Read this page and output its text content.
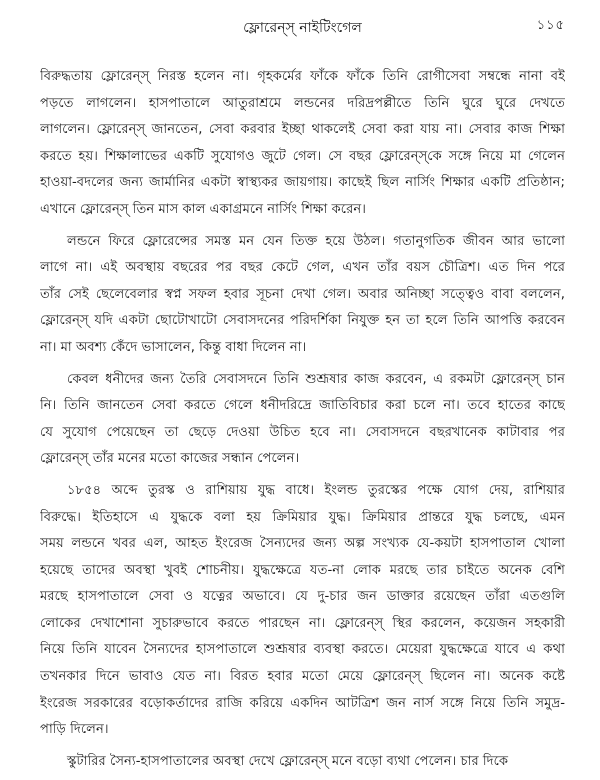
ফ্লোরেন্স্ নাইটিংগেল	১১৫

বিরুদ্ধতায় ফ্লোরেন্স্ নিরস্ত হলেন না। গৃহকর্মের ফাঁকে ফাঁকে তিনি রোগীসেবা সম্বন্ধে নানা বই
পড়তে লাগলেন। হাসপাতালে আতুরাশ্রমে লন্ডনের দরিদ্রপল্লীতে তিনি ঘুরে ঘুরে দেখতে
লাগলেন। ফ্লোরেন্স্ জানতেন, সেবা করবার ইচ্ছা থাকলেই সেবা করা যায় না। সেবার কাজ শিক্ষা
করতে হয়। শিক্ষালাভের একটি সুযোগও জুটে গেল। সে বছর ফ্লোরেন্স্‌কে সঙ্গে নিয়ে মা গেলেন
হাওয়া-বদলের জন্য জার্মানির একটা স্বাস্থ্যকর জায়গায়। কাছেই ছিল নার্সিং শিক্ষার একটি প্রতিষ্ঠান;
এখানে ফ্লোরেন্স্ তিন মাস কাল একাগ্রমনে নার্সিং শিক্ষা করেন।

লন্ডনে ফিরে ফ্লোরেন্সের সমস্ত মন যেন তিক্ত হয়ে উঠল। গতানুগতিক জীবন আর ভালো
লাগে না। এই অবস্থায় বছরের পর বছর কেটে গেল, এখন তাঁর বয়স চৌত্রিশ। এত দিন পরে
তাঁর সেই ছেলেবেলার স্বপ্ন সফল হবার সূচনা দেখা গেল। অবার অনিচ্ছা সত্ত্বেও বাবা বললেন,
ফ্লোরেন্স্ যদি একটা ছোটোখাটো সেবাসদনের পরিদর্শিকা নিযুক্ত হন তা হলে তিনি আপত্তি করবেন
না। মা অবশ্য কেঁদে ভাসালেন, কিন্তু বাধা দিলেন না।

কেবল ধনীদের জন্য তৈরি সেবাসদনে তিনি শুশ্রূষার কাজ করবেন, এ রকমটা ফ্লোরেন্স্ চান
নি। তিনি জানতেন সেবা করতে গেলে ধনীদরিদ্রে জাতিবিচার করা চলে না। তবে হাতের কাছে
যে সুযোগ পেয়েছেন তা ছেড়ে দেওয়া উচিত হবে না। সেবাসদনে বছরখানেক কাটাবার পর
ফ্লোরেন্স্ তাঁর মনের মতো কাজের সন্ধান পেলেন।

১৮৫৪ অব্দে তুরস্ক ও রাশিয়ায় যুদ্ধ বাধে। ইংলন্ড তুরস্কের পক্ষে যোগ দেয়, রাশিয়ার
বিরুদ্ধে। ইতিহাসে এ যুদ্ধকে বলা হয় ক্রিমিয়ার যুদ্ধ। ক্রিমিয়ার প্রান্তরে যুদ্ধ চলছে, এমন
সময় লন্ডনে খবর এল, আহত ইংরেজ সৈন্যদের জন্য অল্প সংখ্যক যে-কয়টা হাসপাতাল খোলা
হয়েছে তাদের অবস্থা খুবই শোচনীয়। যুদ্ধক্ষেত্রে যত-না লোক মরছে তার চাইতে অনেক বেশি
মরছে হাসপাতালে সেবা ও যত্নের অভাবে। যে দু-চার জন ডাক্তার রয়েছেন তাঁরা এতগুলি
লোকের দেখাশোনা সুচারুভাবে করতে পারছেন না। ফ্লোরেন্স্ স্থির করলেন, কয়েজন সহকারী
নিয়ে তিনি যাবেন সৈন্যদের হাসপাতালে শুশ্রূষার ব্যবস্থা করতে। মেয়েরা যুদ্ধক্ষেত্রে যাবে এ কথা
তখনকার দিনে ভাবাও যেত না। বিরত হবার মতো মেয়ে ফ্লোরেন্স্ ছিলেন না। অনেক কষ্টে
ইংরেজ সরকারের বড়োকর্তাদের রাজি করিয়ে একদিন আটত্রিশ জন নার্স সঙ্গে নিয়ে তিনি সমুদ্র-
পাড়ি দিলেন।

স্কুটারির সৈন্য-হাসপাতালের অবস্থা দেখে ফ্লোরেন্স্ মনে বড়ো ব্যথা পেলেন। চার দিকে
